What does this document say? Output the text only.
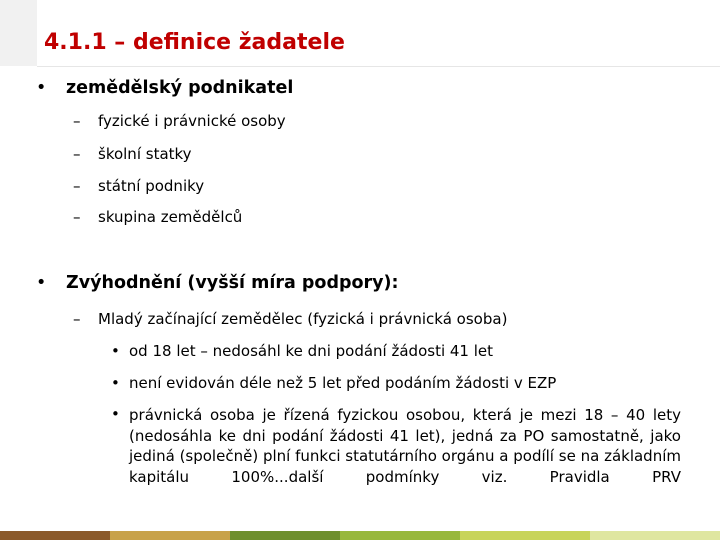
4.1.1 – definice žadatele
• zemědělský podnikatel
– fyzické i právnické osoby
– školní statky
– státní podniky
– skupina zemědělců
• Zvýhodnění (vyšší míra podpory):
– Mladý začínající zemědělec (fyzická i právnická osoba)
• od 18 let – nedosáhl ke dni podání žádosti 41 let
• není evidován déle než 5 let před podáním žádosti v EZP
• právnická osoba je řízená fyzickou osobou, která je mezi 18 – 40 lety (nedosáhla ke dni podání žádosti 41 let), jedná za PO samostatně, jako jediná (společně) plní funkci statutárního orgánu a podílí se na základním kapitálu 100%...další podmínky viz. Pravidla PRV
